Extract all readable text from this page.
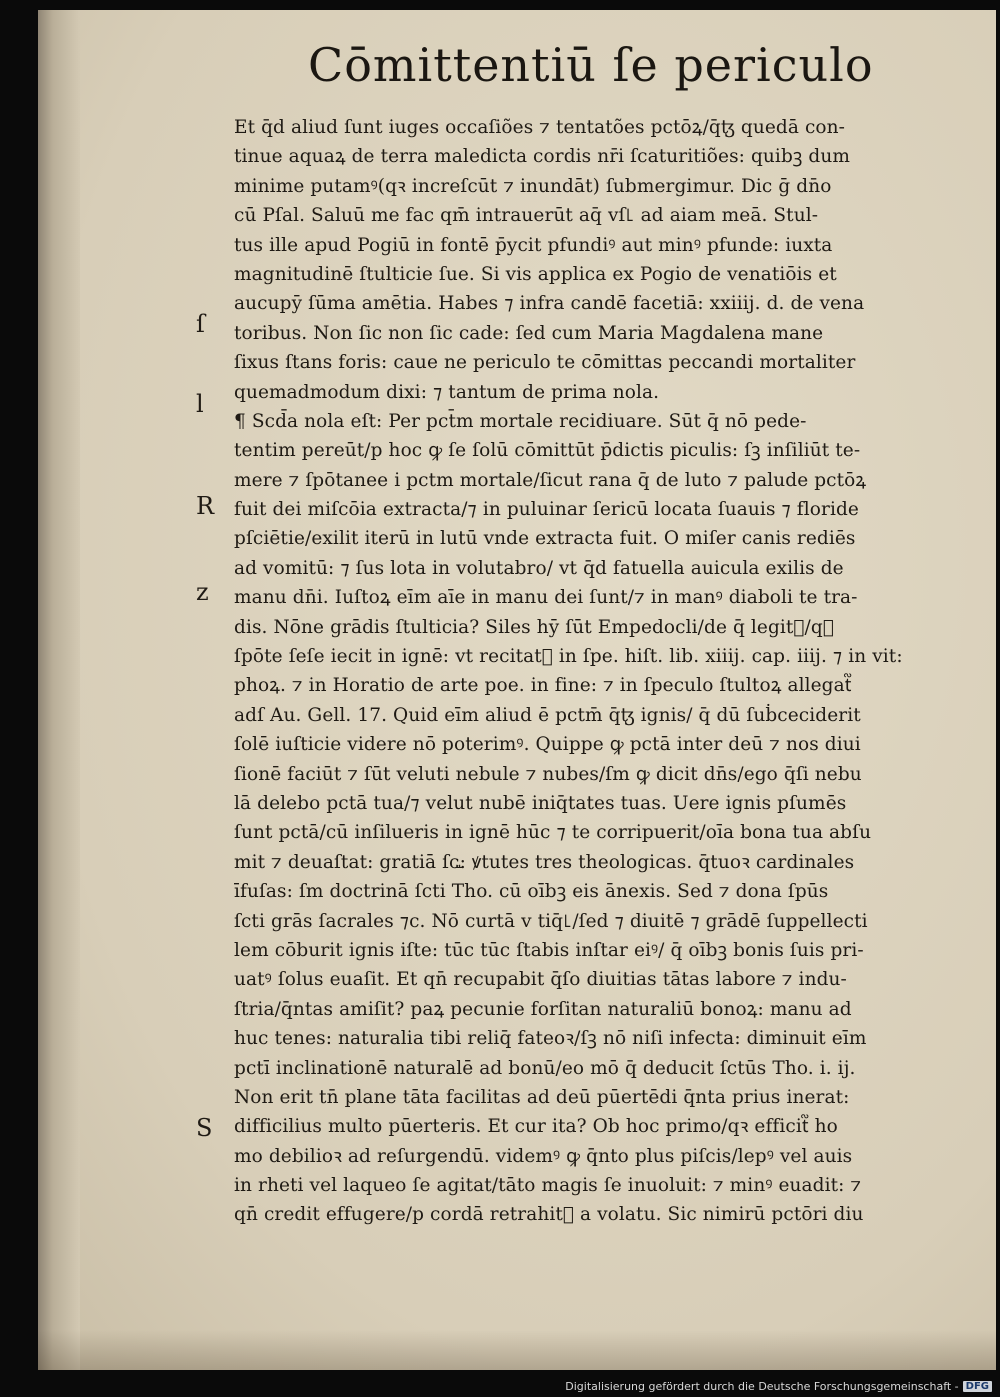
Cōmittentiū ſe periculo
ſ
l
R
z
S
Et q̄d aliud ſunt iuges occaſiões ⁊ tentatões pctōꝝ/q̄ꜩ quedā con‑
tinue aquaꝝ de terra maledicta cordis nr̄i ſcaturitiões: quibꝫ dum
minime putamꝰ(qꝛ increſcūt ⁊ inundāt) ſubmergimur. Dic ḡ dn̄o
cū Pſal. Saluū me fac qm̄ intrauerūt aq̄ vſ꜖ ad aiam meā. Stul‑
tus ille apud Pogiū in fontē p̄ycit pfundiꝰ aut minꝰ pfunde: iuxta
magnitudinē ſtulticie ſue. Si vis applica ex Pogio de venatiōis et
aucupȳ ſūma amētia. Habes ⁊ infra candē facetiā: xxiiij. d. de vena
toribus. Non ſic non ſic cade: ſed cum Maria Magdalena mane
ſixus ſtans foris: caue ne periculo te cōmittas peccandi mortaliter
quemadmodum dixi: ⁊ tantum de prima nola.
¶ Scd̄a nola eſt: Per pct̄m mortale recidiuare. Sūt q̄ nō pede‑
tentim pereūt/p hoc ꝙ ſe ſolū cōmittūt p̄dictis piculis: ſꝫ inſiliūt te‑
mere ⁊ ſpōtanee i pctm mortale/ſicut rana q̄ de luto ⁊ palude pctōꝝ
fuit dei miſcōia extracta/⁊ in puluinar ſericū locata ſuauis ⁊ floride
pſciētie/exilit iterū in lutū vnde extracta fuit. O miſer canis rediēs
ad vomitū: ⁊ ſus lota in volutabro/ vt q̄d fatuella auicula exilis de
manu dn̄i. Iuſtoꝝ eīm aīe in manu dei ſunt/⁊ in manꝰ diaboli te tra‑
dis. Nōne grādis ſtulticia? Siles hȳ ſūt Empedocli/de q̄ legit᷑/qꝛ
ſpōte ſeſe iecit in ignē: vt recitat᷑ in ſpe. hiſt. lib. xiiij. cap. iiij. ⁊ in vit:
phoꝝ. ⁊ in Horatio de arte poe. in fine: ⁊ in ſpeculo ſtultoꝝ allegat᷑
adſ Au. Gell. 17. Quid eīm aliud ē pctm̄ q̄ꜩ ignis/ q̄ dū ſuḃceciderit
ſolē iuſticie videre nō poterimꝰ. Quippe ꝙ pctā inter deū ⁊ nos diui
ſionē faciūt ⁊ ſūt veluti nebule ⁊ nubes/ſm ꝙ dicit dn̄s/ego q̄ſi nebu
lā delebo pctā tua/⁊ velut nubē iniq̄tates tuas. Uere ignis pſumēs
ſunt pctā/cū inſilueris in ignē hūc ⁊ te corripuerit/oīa bona tua abſu
mit ⁊ deuaſtat: gratiā ſc꜡: ꝟtutes tres theologicas. q̄tuoꝛ cardinales
īfuſas: ſm doctrinā ſcti Tho. cū oībꝫ eis ānexis. Sed ⁊ dona ſpūs
ſcti grās ſacrales ⁊c. Nō curtā v tiq̄꜖/ſed ⁊ diuitē ⁊ grādē ſuppellecti
lem cōburit ignis iſte: tūc tūc ſtabis inſtar eiꝰ/ q̄ oībꝫ bonis ſuis pri‑
uatꝰ ſolus euaſit. Et qn̄ recupabit q̄ſo diuitias tātas labore ⁊ indu‑
ſtria/q̄ntas amiſit? paꝝ pecunie forſitan naturaliū bonoꝝ: manu ad
huc tenes: naturalia tibi reliq̄ fateoꝛ/ſꝫ nō niſi infecta: diminuit eīm
pctī inclinationē naturalē ad bonū/eo mō q̄ deducit ſctūs Tho. i. ij.
Non erit tn̄ plane tāta facilitas ad deū pūertēdi q̄nta prius inerat:
difficilius multo pūerteris. Et cur ita? Ob hoc primo/qꝛ efficit᷑ ho
mo debilioꝛ ad reſurgendū. videmꝰ ꝙ q̄nto plus piſcis/lepꝰ vel auis
in rheti vel laqueo ſe agitat/tāto magis ſe inuoluit: ⁊ minꝰ euadit: ⁊
qn̄ credit effugere/p cordā retrahit᷑ a volatu. Sic nimirū pctōri diu
Digitalisierung gefördert durch die Deutsche Forschungsgemeinschaft - DFG
